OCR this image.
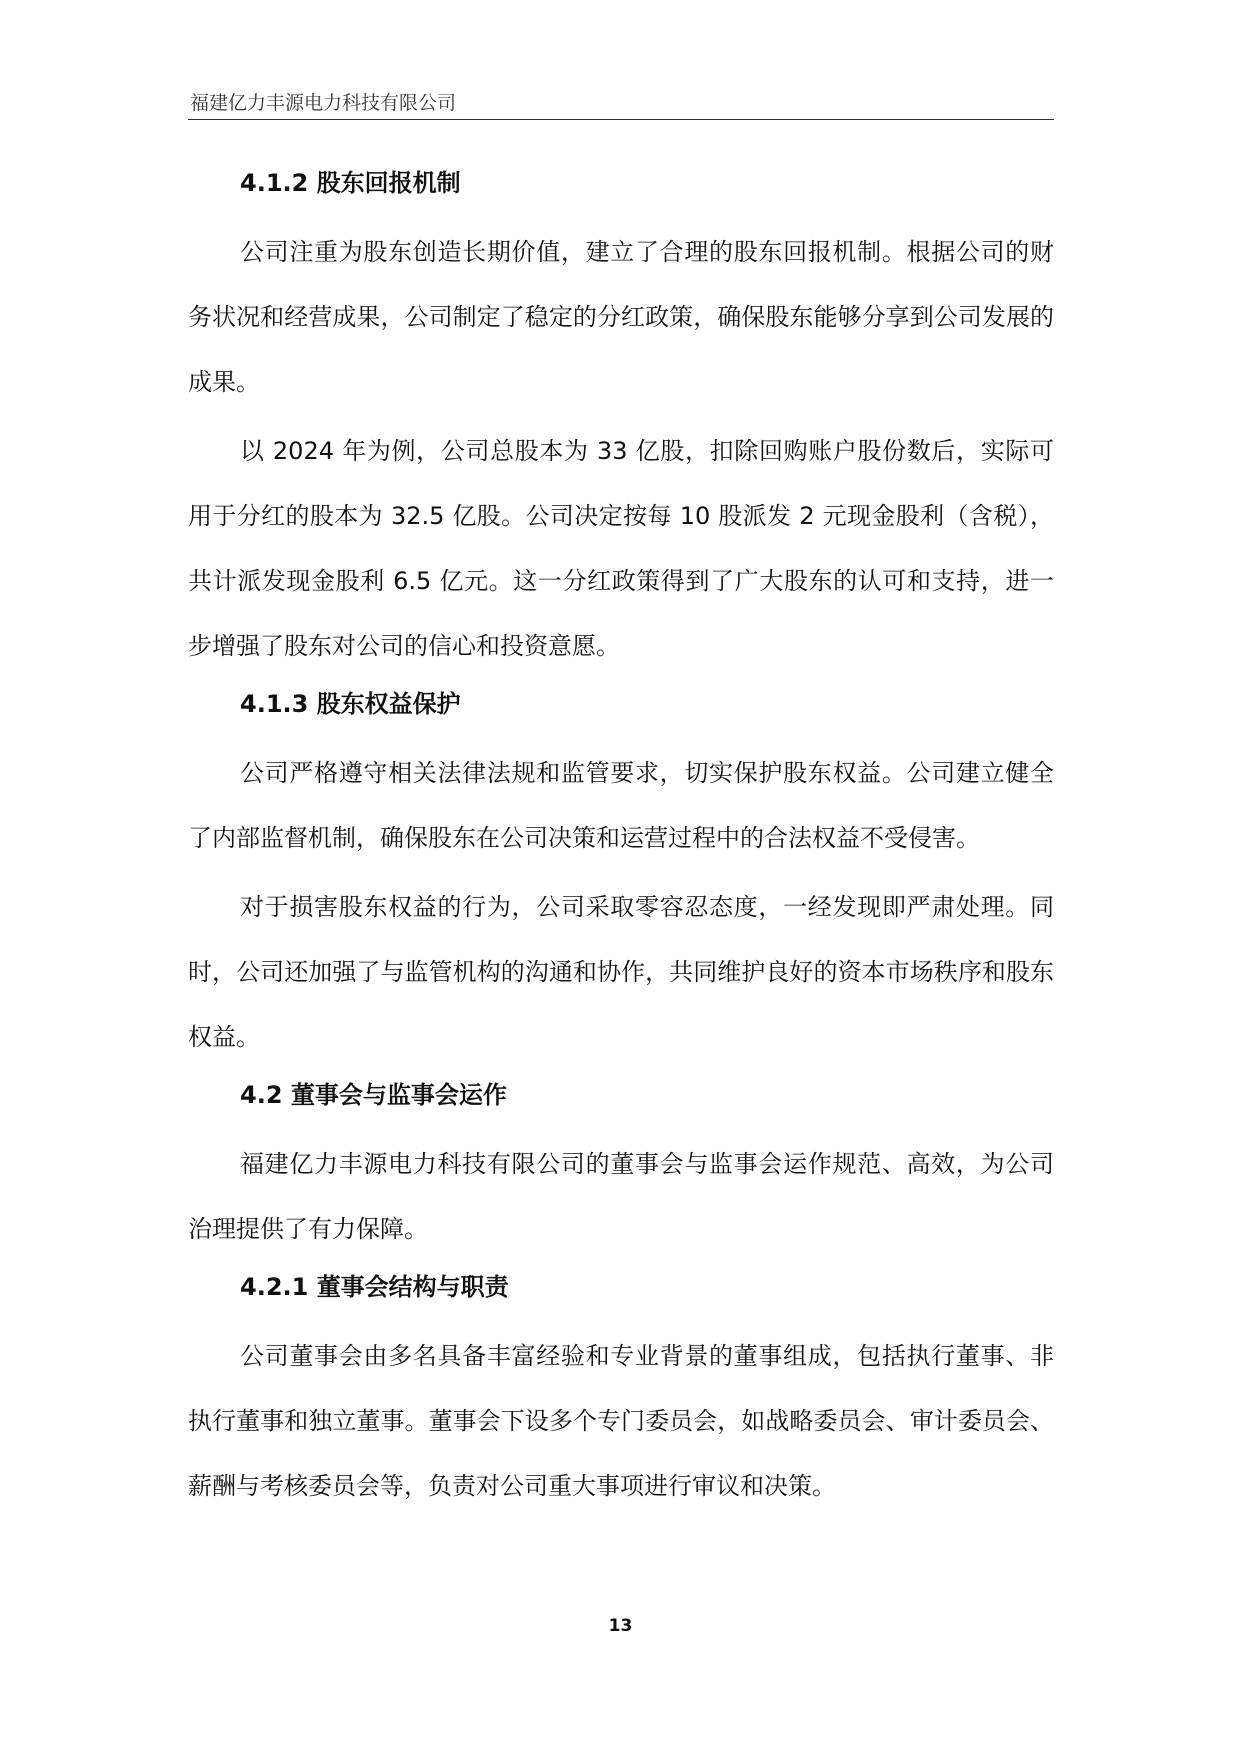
福建亿力丰源电力科技有限公司
4.1.2 股东回报机制
公司注重为股东创造长期价值，建立了合理的股东回报机制。根据公司的财务状况和经营成果，公司制定了稳定的分红政策，确保股东能够分享到公司发展的成果。
以 2024 年为例，公司总股本为 33 亿股，扣除回购账户股份数后，实际可用于分红的股本为 32.5 亿股。公司决定按每 10 股派发 2 元现金股利（含税），共计派发现金股利 6.5 亿元。这一分红政策得到了广大股东的认可和支持，进一步增强了股东对公司的信心和投资意愿。
4.1.3 股东权益保护
公司严格遵守相关法律法规和监管要求，切实保护股东权益。公司建立健全了内部监督机制，确保股东在公司决策和运营过程中的合法权益不受侵害。
对于损害股东权益的行为，公司采取零容忍态度，一经发现即严肃处理。同时，公司还加强了与监管机构的沟通和协作，共同维护良好的资本市场秩序和股东权益。
4.2 董事会与监事会运作
福建亿力丰源电力科技有限公司的董事会与监事会运作规范、高效，为公司治理提供了有力保障。
4.2.1 董事会结构与职责
公司董事会由多名具备丰富经验和专业背景的董事组成，包括执行董事、非执行董事和独立董事。董事会下设多个专门委员会，如战略委员会、审计委员会、薪酬与考核委员会等，负责对公司重大事项进行审议和决策。
13
